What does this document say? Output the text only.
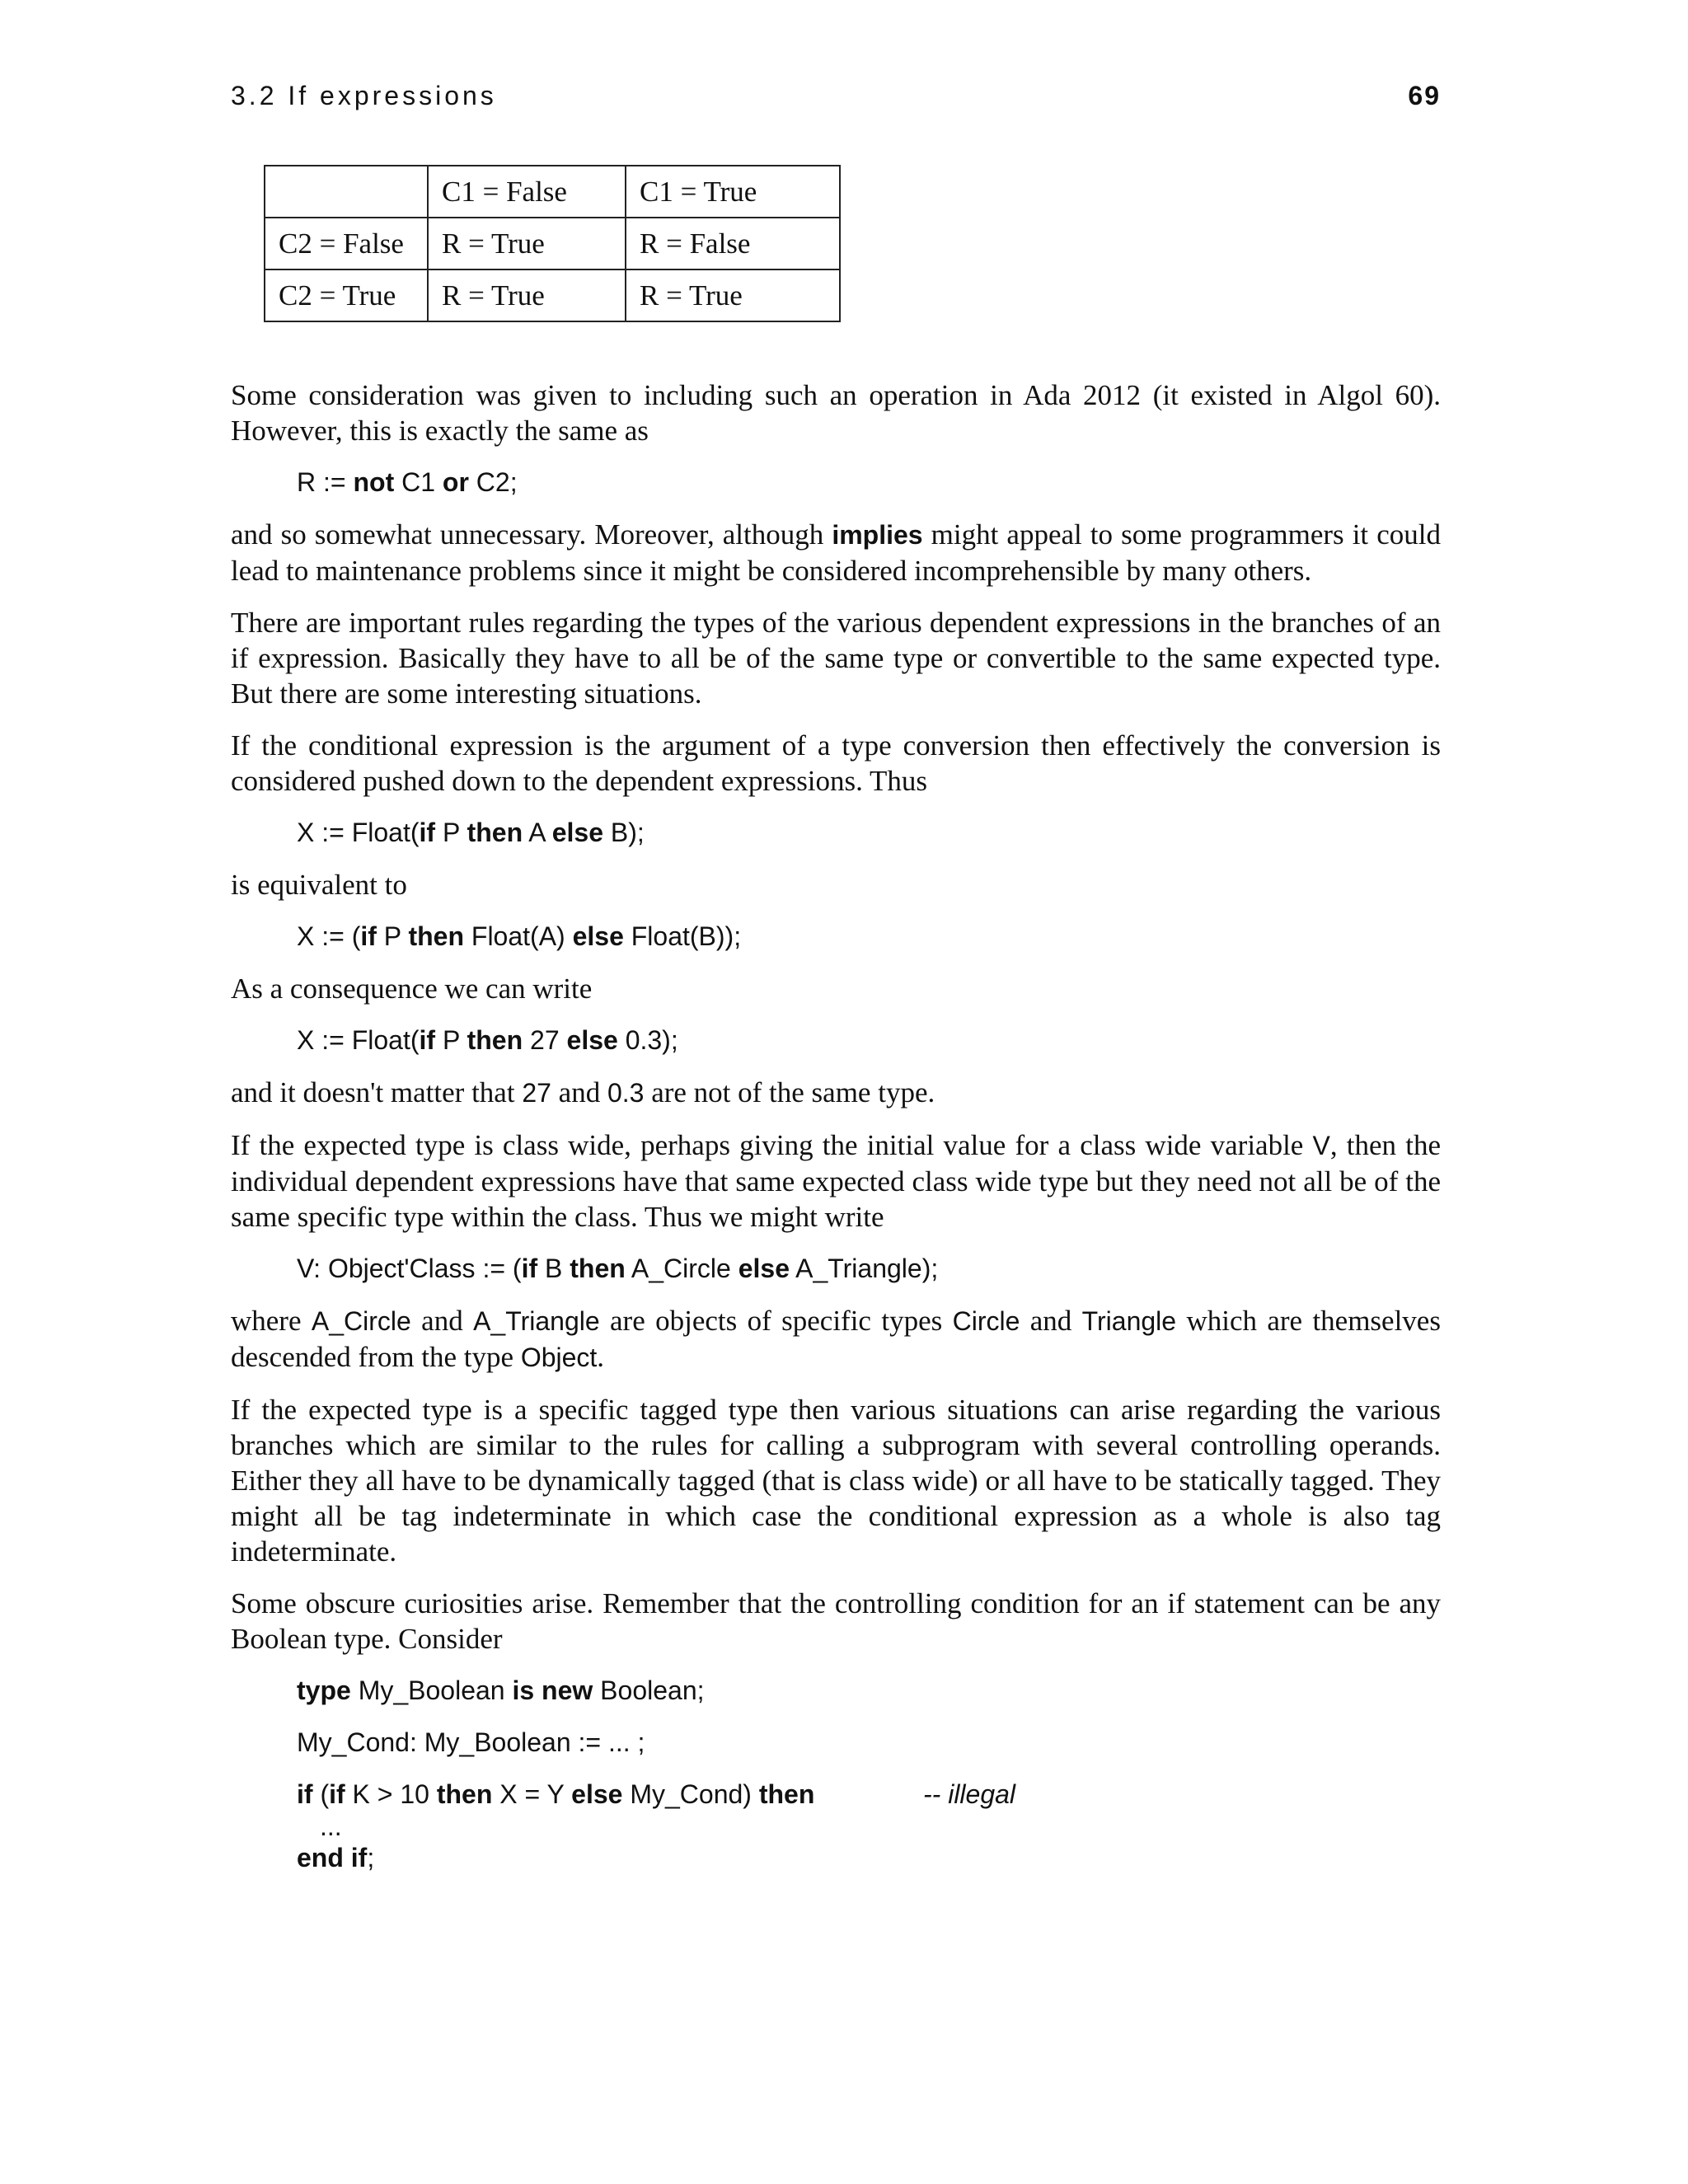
3.2 If expressions	69
	C1 = False	C1 = True
C2 = False	R = True	R = False
C2 = True	R = True	R = True

Some consideration was given to including such an operation in Ada 2012 (it existed in Algol 60). However, this is exactly the same as

R := not C1 or C2;

and so somewhat unnecessary. Moreover, although implies might appeal to some programmers it could lead to maintenance problems since it might be considered incomprehensible by many others.

There are important rules regarding the types of the various dependent expressions in the branches of an if expression. Basically they have to all be of the same type or convertible to the same expected type. But there are some interesting situations.

If the conditional expression is the argument of a type conversion then effectively the conversion is considered pushed down to the dependent expressions. Thus

X := Float(if P then A else B);

is equivalent to

X := (if P then Float(A) else Float(B));

As a consequence we can write

X := Float(if P then 27 else 0.3);

and it doesn't matter that 27 and 0.3 are not of the same type.

If the expected type is class wide, perhaps giving the initial value for a class wide variable V, then the individual dependent expressions have that same expected class wide type but they need not all be of the same specific type within the class. Thus we might write

V: Object'Class := (if B then A_Circle else A_Triangle);

where A_Circle and A_Triangle are objects of specific types Circle and Triangle which are themselves descended from the type Object.

If the expected type is a specific tagged type then various situations can arise regarding the various branches which are similar to the rules for calling a subprogram with several controlling operands. Either they all have to be dynamically tagged (that is class wide) or all have to be statically tagged. They might all be tag indeterminate in which case the conditional expression as a whole is also tag indeterminate.

Some obscure curiosities arise. Remember that the controlling condition for an if statement can be any Boolean type. Consider

type My_Boolean is new Boolean;
My_Cond: My_Boolean := ... ;
if (if K > 10 then X = Y else My_Cond) then	-- illegal
...
end if;
